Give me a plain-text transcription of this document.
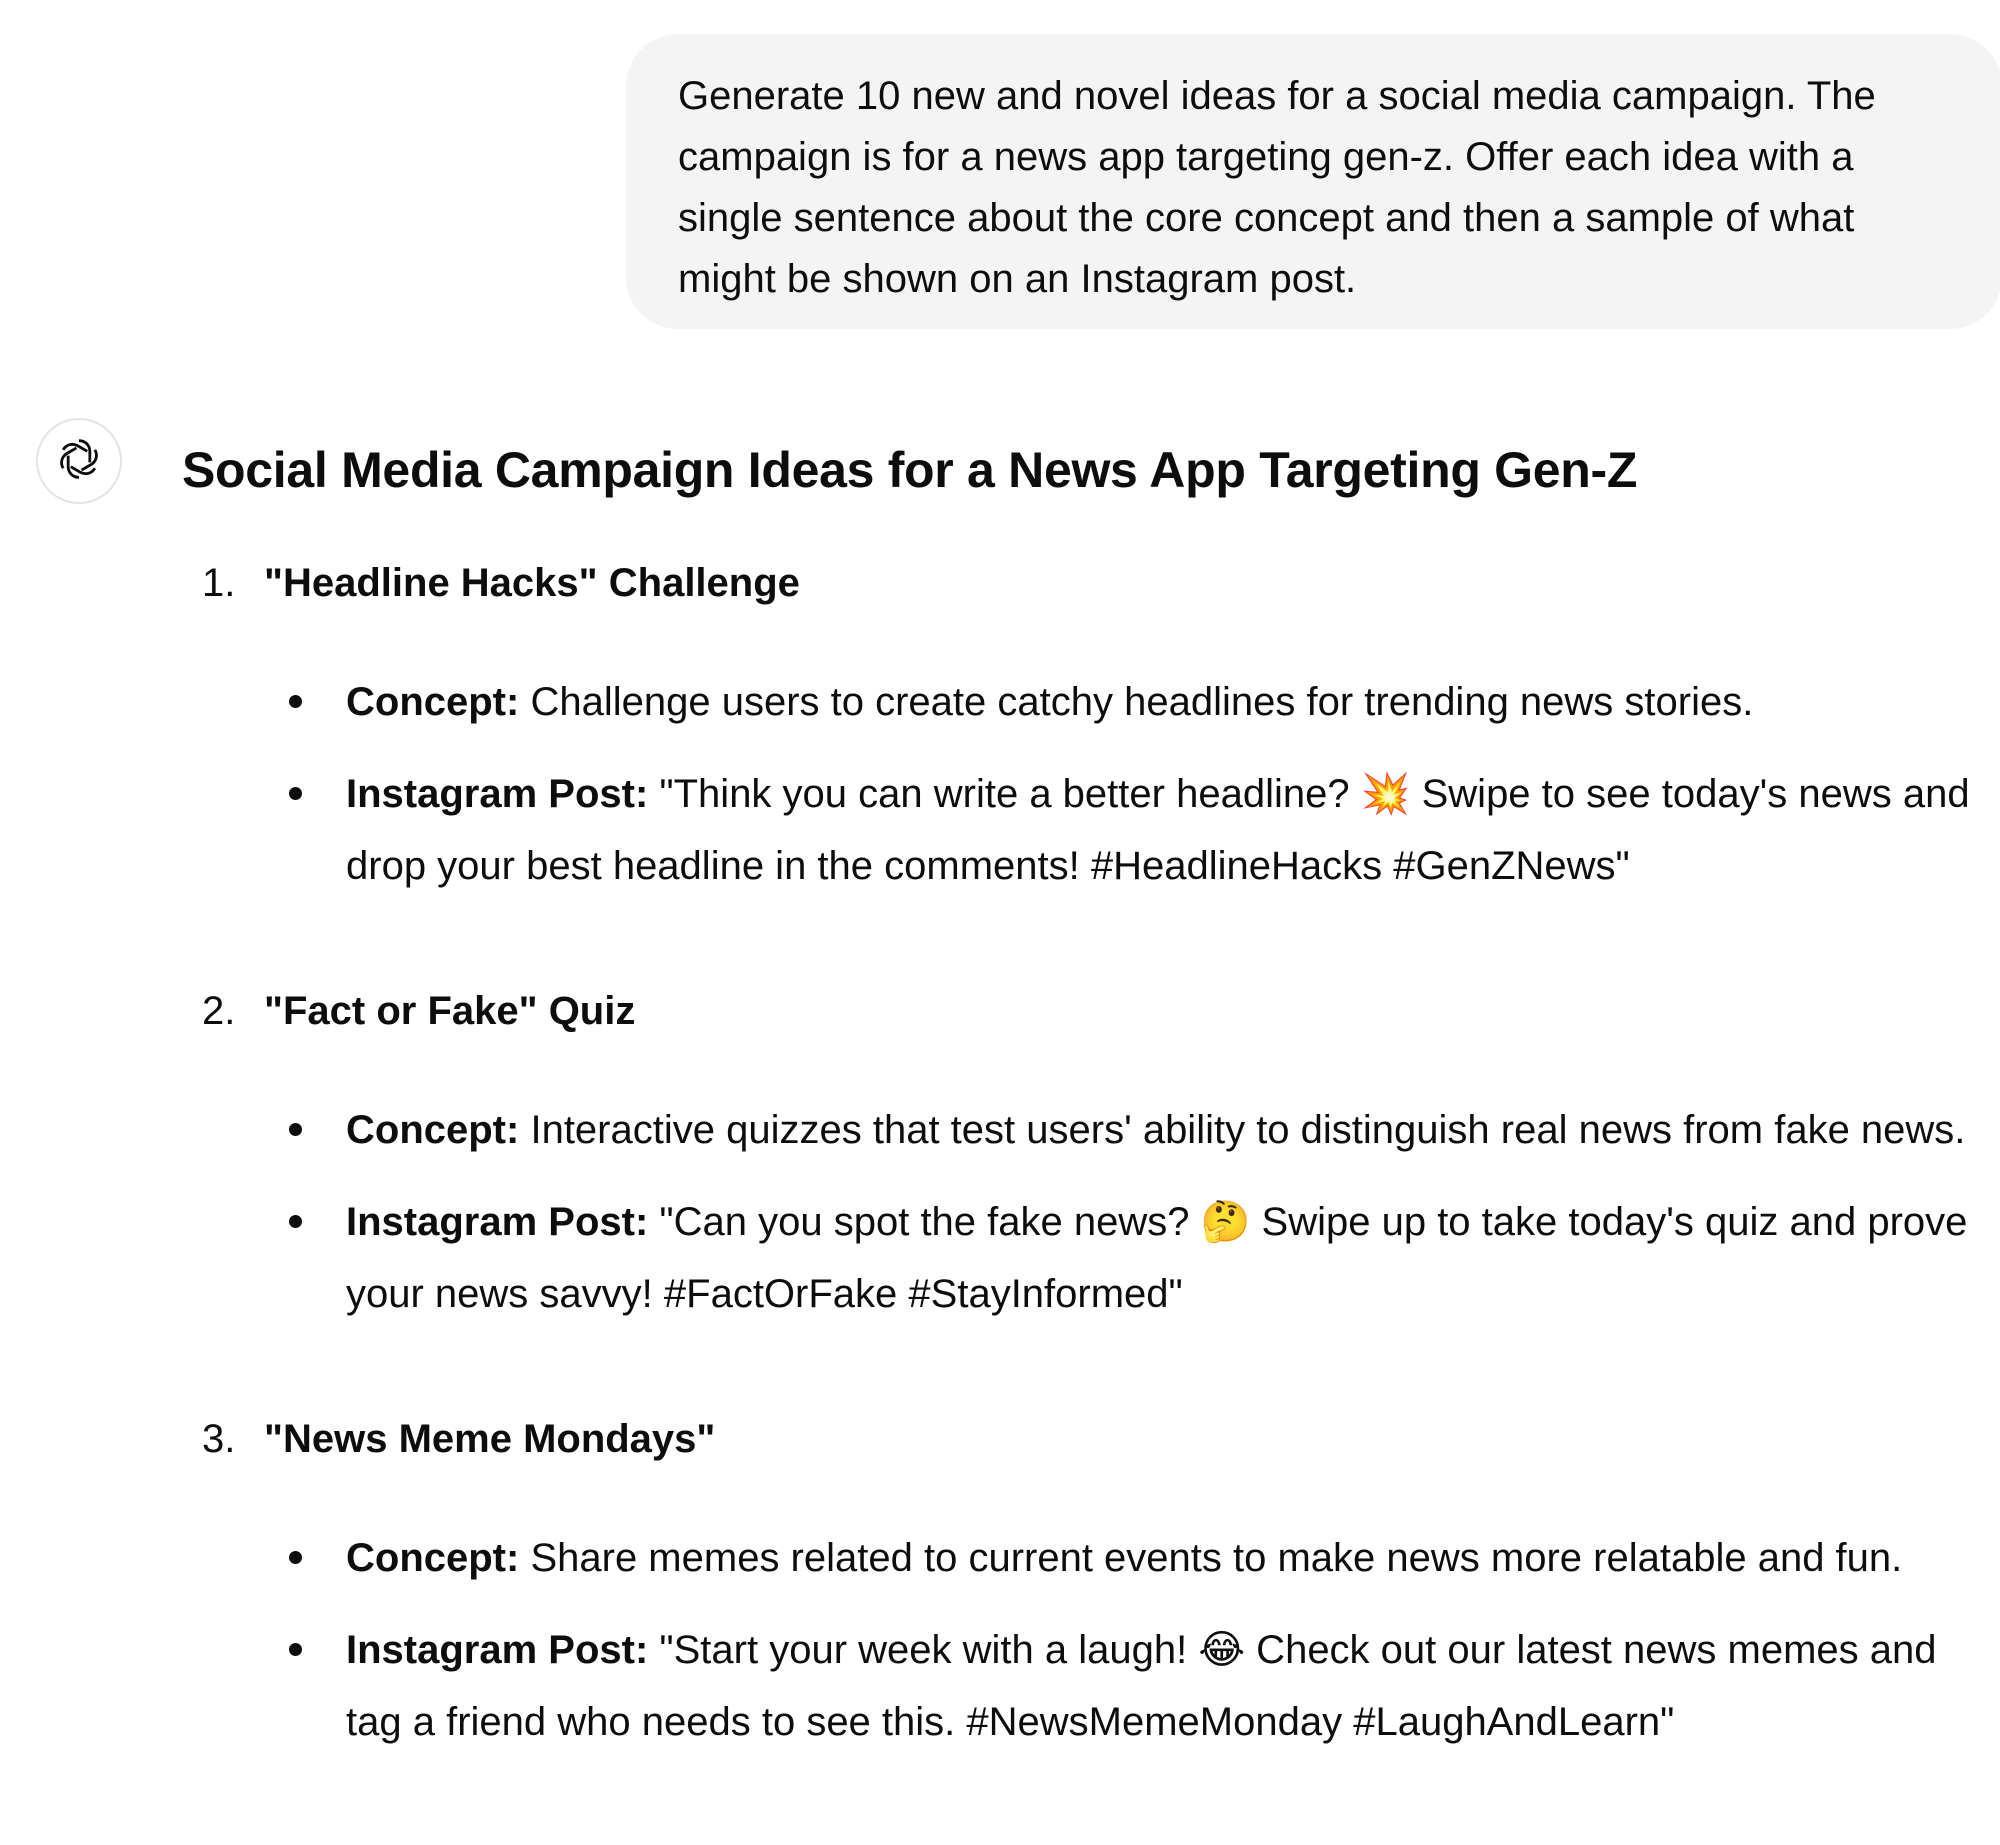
Generate 10 new and novel ideas for a social media campaign. The campaign is for a news app targeting gen-z. Offer each idea with a single sentence about the core concept and then a sample of what might be shown on an Instagram post.
Social Media Campaign Ideas for a News App Targeting Gen-Z
1. "Headline Hacks" Challenge
Concept: Challenge users to create catchy headlines for trending news stories.
Instagram Post: "Think you can write a better headline? 💥 Swipe to see today's news and drop your best headline in the comments! #HeadlineHacks #GenZNews"
2. "Fact or Fake" Quiz
Concept: Interactive quizzes that test users' ability to distinguish real news from fake news.
Instagram Post: "Can you spot the fake news? 🤔 Swipe up to take today's quiz and prove your news savvy! #FactOrFake #StayInformed"
3. "News Meme Mondays"
Concept: Share memes related to current events to make news more relatable and fun.
Instagram Post: "Start your week with a laugh! 😂 Check out our latest news memes and tag a friend who needs to see this. #NewsMemeMonday #LaughAndLearn"
